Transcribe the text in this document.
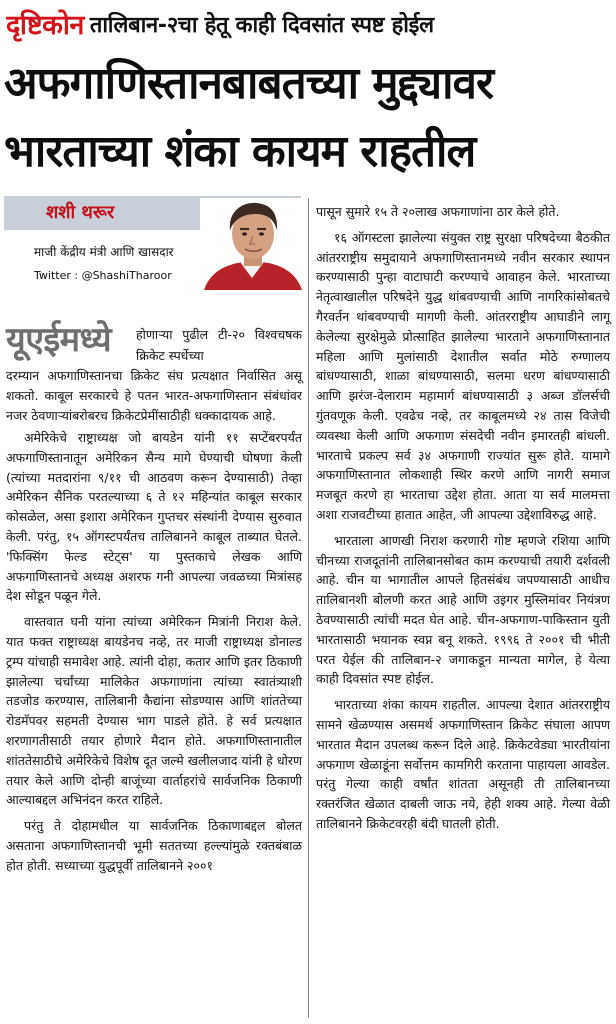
दृष्टिकोन तालिबान-२चा हेतू काही दिवसांत स्पष्ट होईल
अफगाणिस्तानबाबतच्या मुद्द्यावर
भारताच्या शंका कायम राहतील
शशी थरूर
माजी केंद्रीय मंत्री आणि खासदार
Twitter : @ShashiTharoor
यूएईमध्ये होणाऱ्या पुढील टी-२० विश्वचषक क्रिकेट स्पर्धेच्या
दरम्यान अफगाणिस्तानचा क्रिकेट संघ प्रत्यक्षात निर्वासित असू शकतो. काबूल सरकारचे हे पतन भारत-अफगाणिस्तान संबंधांवर नजर ठेवणाऱ्यांबरोबरच क्रिकेटप्रेमींसाठीही धक्कादायक आहे.

अमेरिकेचे राष्ट्राध्यक्ष जो बायडेन यांनी ११ सप्टेंबरपर्यंत अफगाणिस्तानातून अमेरिकन सैन्य मागे घेण्याची घोषणा केली (त्यांच्या मतदारांना ९/११ ची आठवण करून देण्यासाठी) तेव्हा अमेरिकन सैनिक परतल्याच्या ६ ते १२ महिन्यांत काबूल सरकार कोसळेल, असा इशारा अमेरिकन गुप्तचर संस्थांनी देण्यास सुरुवात केली. परंतु, १५ ऑगस्टपर्यंतच तालिबानने काबूल ताब्यात घेतले. 'फिक्सिंग फेल्ड स्टेट्स' या पुस्तकाचे लेखक आणि अफगाणिस्तानचे अध्यक्ष अशरफ गनी आपल्या जवळच्या मित्रांसह देश सोडून पळून गेले.

वास्तवात घनी यांना त्यांच्या अमेरिकन मित्रांनी निराश केले. यात फक्त राष्ट्राध्यक्ष बायडेनच नव्हे, तर माजी राष्ट्राध्यक्ष डोनाल्ड ट्रम्प यांचाही समावेश आहे. त्यांनी दोहा, कतार आणि इतर ठिकाणी झालेल्या चर्चांच्या मालिकेत अफगाणांना त्यांच्या स्वातंत्र्याशी तडजोड करण्यास, तालिबानी कैद्यांना सोडण्यास आणि शांततेच्या रोडमॅपवर सहमती देण्यास भाग पाडले होते. हे सर्व प्रत्यक्षात शरणागतीसाठी तयार होणारे मैदान होते. अफगाणिस्तानातील शांततेसाठीचे अमेरिकेचे विशेष दूत जल्मे खलीलजाद यांनी हे धोरण तयार केले आणि दोन्ही बाजूंच्या वार्ताहरांचे सार्वजनिक ठिकाणी आल्याबद्दल अभिनंदन करत राहिले.

परंतु ते दोहामधील या सार्वजनिक ठिकाणाबद्दल बोलत असताना अफगाणिस्तानची भूमी सततच्या हल्ल्यांमुळे रक्तबंबाळ होत होती. सध्याच्या युद्धपूर्वी तालिबानने २००१

पासून सुमारे १५ ते २०लाख अफगाणांना ठार केले होते.

१६ ऑगस्टला झालेल्या संयुक्त राष्ट्र सुरक्षा परिषदेच्या बैठकीत आंतरराष्ट्रीय समुदायाने अफगाणिस्तानमध्ये नवीन सरकार स्थापन करण्यासाठी पुन्हा वाटाघाटी करण्याचे आवाहन केले. भारताच्या नेतृत्वाखालील परिषदेने युद्ध थांबवण्याची आणि नागरिकांसोबतचे गैरवर्तन थांबवण्याची मागणी केली. आंतरराष्ट्रीय आघाडीने लागू केलेल्या सुरक्षेमुळे प्रोत्साहित झालेल्या भारताने अफगाणिस्तानात महिला आणि मुलांसाठी देशातील सर्वात मोठे रुग्णालय बांधण्यासाठी, शाळा बांधण्यासाठी, सलमा धरण बांधण्यासाठी आणि झरंज-देलाराम महामार्ग बांधण्यासाठी ३ अब्ज डॉलर्सची गुंतवणूक केली. एवढेच नव्हे, तर काबूलमध्ये २४ तास विजेची व्यवस्था केली आणि अफगाण संसदेची नवीन इमारतही बांधली. भारताचे प्रकल्प सर्व ३४ अफगाणी राज्यांत सुरू होते. यामागे अफगाणिस्तानात लोकशाही स्थिर करणे आणि नागरी समाज मजबूत करणे हा भारताचा उद्देश होता. आता या सर्व मालमत्ता अशा राजवटीच्या हातात आहेत, जी आपल्या उद्देशाविरुद्ध आहे.

भारताला आणखी निराश करणारी गोष्ट म्हणजे रशिया आणि चीनच्या राजदूतांनी तालिबानसोबत काम करण्याची तयारी दर्शवली आहे. चीन या भागातील आपले हितसंबंध जपण्यासाठी आधीच तालिबानशी बोलणी करत आहे आणि उइगर मुस्लिमांवर नियंत्रण ठेवण्यासाठी त्यांची मदत घेत आहे. चीन-अफगाण-पाकिस्तान युती भारतासाठी भयानक स्वप्न बनू शकते. १९९६ ते २००१ ची भीती परत येईल की तालिबान-२ जगाकडून मान्यता मागेल, हे येत्या काही दिवसांत स्पष्ट होईल.

भारताच्या शंका कायम राहतील. आपल्या देशात आंतरराष्ट्रीय सामने खेळण्यास असमर्थ अफगाणिस्तान क्रिकेट संघाला आपण भारतात मैदान उपलब्ध करून दिले आहे. क्रिकेटवेड्या भारतीयांना अफगाण खेळाडूंना सर्वोत्तम कामगिरी करताना पाहायला आवडेल. परंतु गेल्या काही वर्षांत शांतता असूनही ती तालिबानच्या रक्तरंजित खेळात दाबली जाऊ नये, हेही शक्य आहे. गेल्या वेळी तालिबानने क्रिकेटवरही बंदी घातली होती.
